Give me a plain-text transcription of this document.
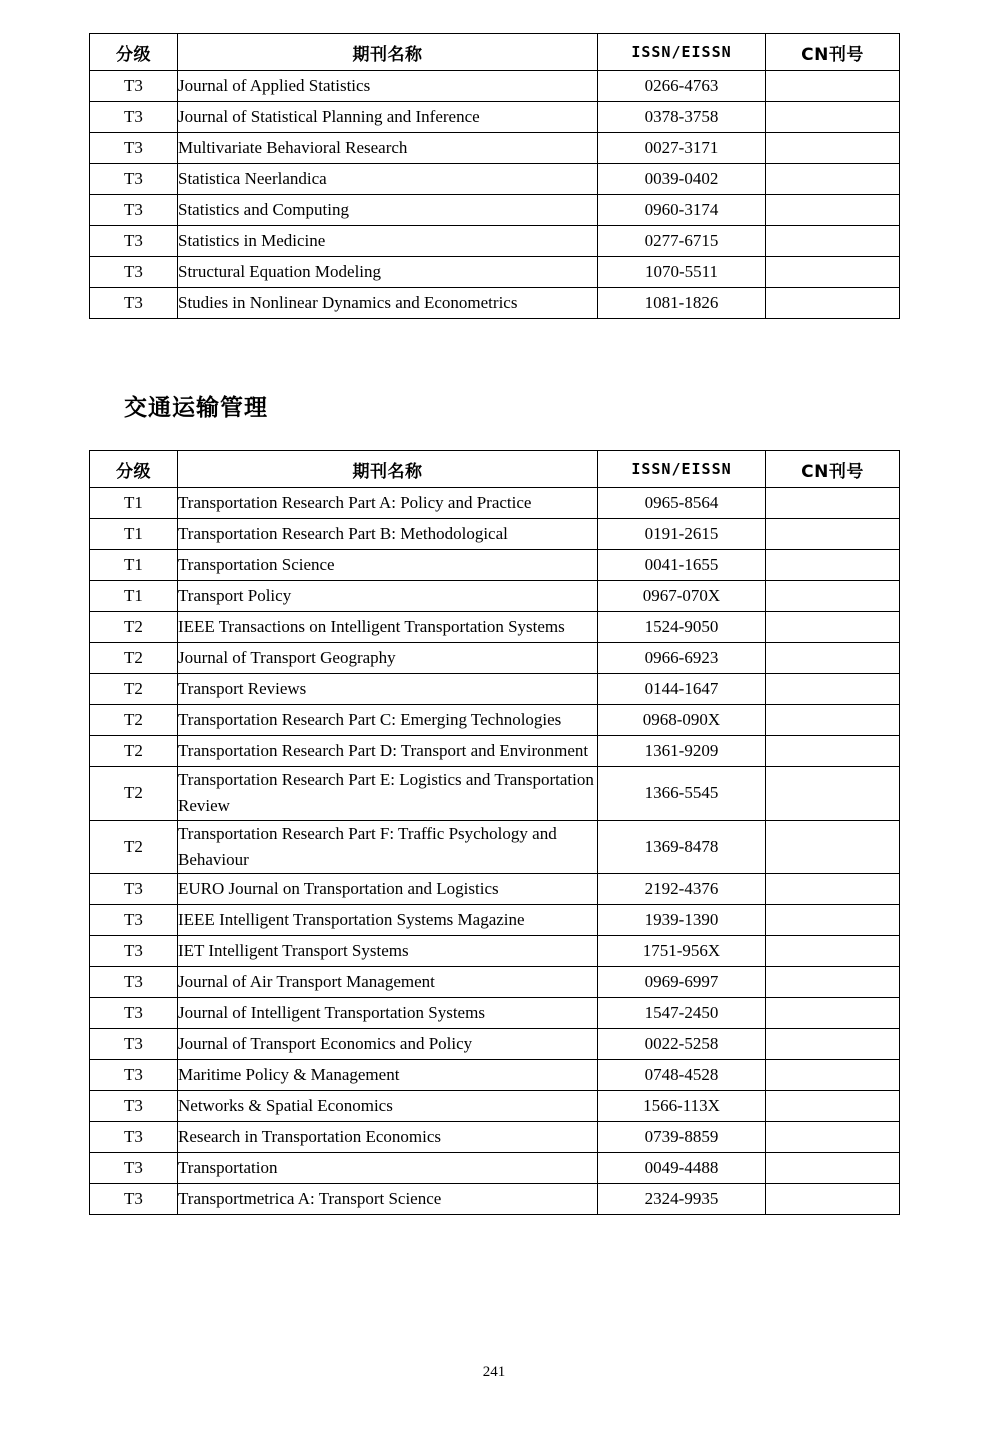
分级	期刊名称	ISSN/EISSN	CN刊号
T3	Journal of Applied Statistics	0266-4763	
T3	Journal of Statistical Planning and Inference	0378-3758	
T3	Multivariate Behavioral Research	0027-3171	
T3	Statistica Neerlandica	0039-0402	
T3	Statistics and Computing	0960-3174	
T3	Statistics in Medicine	0277-6715	
T3	Structural Equation Modeling	1070-5511	
T3	Studies in Nonlinear Dynamics and Econometrics	1081-1826	
交通运输管理
分级	期刊名称	ISSN/EISSN	CN刊号
T1	Transportation Research Part A: Policy and Practice	0965-8564	
T1	Transportation Research Part B: Methodological	0191-2615	
T1	Transportation Science	0041-1655	
T1	Transport Policy	0967-070X	
T2	IEEE Transactions on Intelligent Transportation Systems	1524-9050	
T2	Journal of Transport Geography	0966-6923	
T2	Transport Reviews	0144-1647	
T2	Transportation Research Part C: Emerging Technologies	0968-090X	
T2	Transportation Research Part D: Transport and Environment	1361-9209	
T2	Transportation Research Part E: Logistics and Transportation Review	1366-5545	
T2	Transportation Research Part F: Traffic Psychology and Behaviour	1369-8478	
T3	EURO Journal on Transportation and Logistics	2192-4376	
T3	IEEE Intelligent Transportation Systems Magazine	1939-1390	
T3	IET Intelligent Transport Systems	1751-956X	
T3	Journal of Air Transport Management	0969-6997	
T3	Journal of Intelligent Transportation Systems	1547-2450	
T3	Journal of Transport Economics and Policy	0022-5258	
T3	Maritime Policy & Management	0748-4528	
T3	Networks & Spatial Economics	1566-113X	
T3	Research in Transportation Economics	0739-8859	
T3	Transportation	0049-4488	
T3	Transportmetrica A: Transport Science	2324-9935	
241
